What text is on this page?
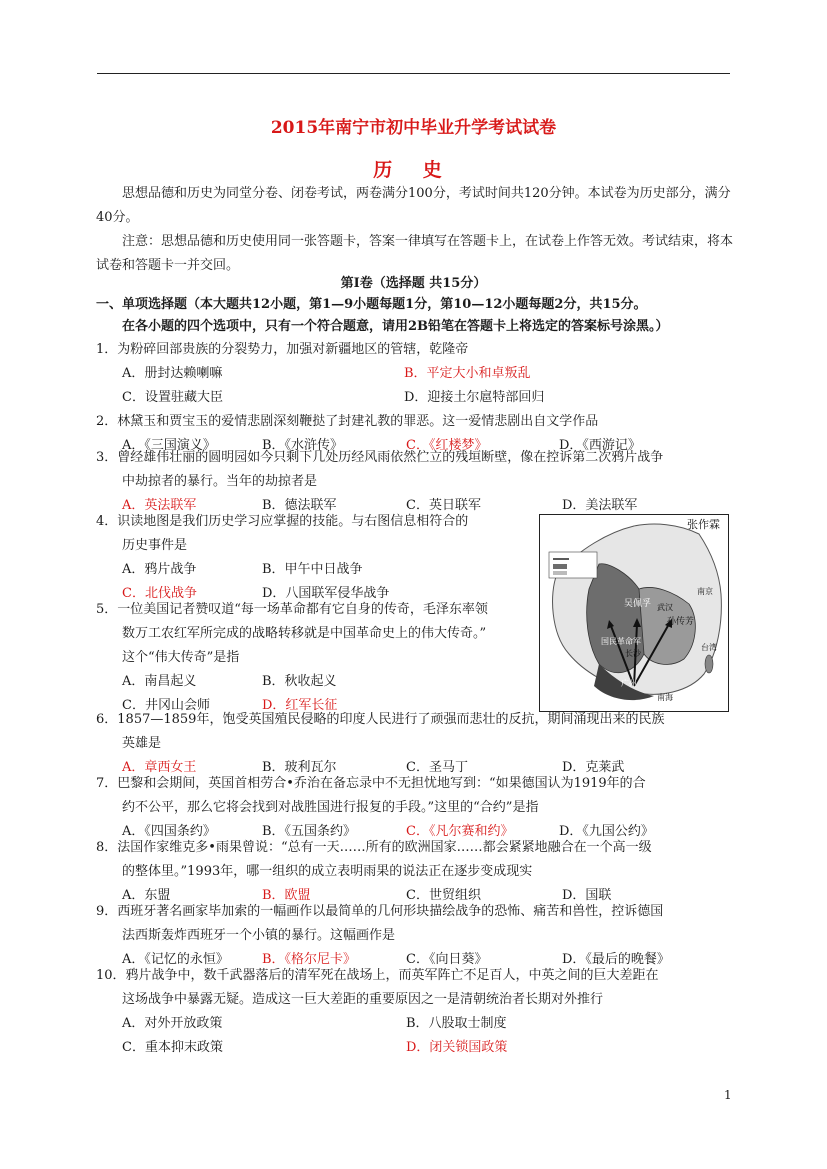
2015年南宁市初中毕业升学考试试卷
历 史
思想品德和历史为同堂分卷、闭卷考试，两卷满分100分，考试时间共120分钟。本试卷为历史部分，满分40分。
注意：思想品德和历史使用同一张答题卡，答案一律填写在答题卡上，在试卷上作答无效。考试结束，将本试卷和答题卡一并交回。
第Ⅰ卷（选择题 共15分）
一、单项选择题（本大题共12小题，第1—9小题每题1分，第10—12小题每题2分，共15分。
在各小题的四个选项中，只有一个符合题意，请用2B铅笔在答题卡上将选定的答案标号涂黑。）
1．为粉碎回部贵族的分裂势力，加强对新疆地区的管辖，乾隆帝
A．册封达赖喇嘛	B．平定大小和卓叛乱
C．设置驻藏大臣	D．迎接土尔扈特部回归
2．林黛玉和贾宝玉的爱情悲剧深刻鞭挞了封建礼教的罪恶。这一爱情悲剧出自文学作品
A．《三国演义》	B．《水浒传》	C．《红楼梦》	D．《西游记》
3．曾经雄伟壮丽的圆明园如今只剩下几处历经风雨依然伫立的残垣断壁，像在控诉第二次鸦片战争
中劫掠者的暴行。当年的劫掠者是
A．英法联军	B．德法联军	C．英日联军	D．美法联军
4．识读地图是我们历史学习应掌握的技能。与右图信息相符合的
历史事件是
A．鸦片战争	B．甲午中日战争
C．北伐战争	D．八国联军侵华战争
5．一位美国记者赞叹道“每一场革命都有它自身的传奇，毛泽东率领
数万工农红军所完成的战略转移就是中国革命史上的伟大传奇。”
这个“伟大传奇”是指
A．南昌起义	B．秋收起义
C．井冈山会师	D．红军长征
6．1857—1859年，饱受英国殖民侵略的印度人民进行了顽强而悲壮的反抗，期间涌现出来的民族
英雄是
A．章西女王	B．玻利瓦尔	C．圣马丁	D．克莱武
7．巴黎和会期间，英国首相劳合•乔治在备忘录中不无担忧地写到：“如果德国认为1919年的合
约不公平，那么它将会找到对战胜国进行报复的手段。”这里的“合约”是指
A．《四国条约》	B．《五国条约》	C．《凡尔赛和约》	D．《九国公约》
8．法国作家维克多•雨果曾说：“总有一天……所有的欧洲国家……都会紧紧地融合在一个高一级
的整体里。”1993年，哪一组织的成立表明雨果的说法正在逐步变成现实
A．东盟	B．欧盟	C．世贸组织	D．国联
9．西班牙著名画家毕加索的一幅画作以最简单的几何形块描绘战争的恐怖、痛苦和兽性，控诉德国
法西斯轰炸西班牙一个小镇的暴行。这幅画作是
A．《记忆的永恒》	B．《格尔尼卡》	C．《向日葵》	D．《最后的晚餐》
10．鸦片战争中，数千武器落后的清军死在战场上，而英军阵亡不足百人，中英之间的巨大差距在
这场战争中暴露无疑。造成这一巨大差距的重要原因之一是清朝统治者长期对外推行
A．对外开放政策	B．八股取士制度
C．重本抑末政策	D．闭关锁国政策
张作霖
吴佩孚
孙传芳
国民革命军
武汉
南京
长沙
广州
南海
台湾
1
